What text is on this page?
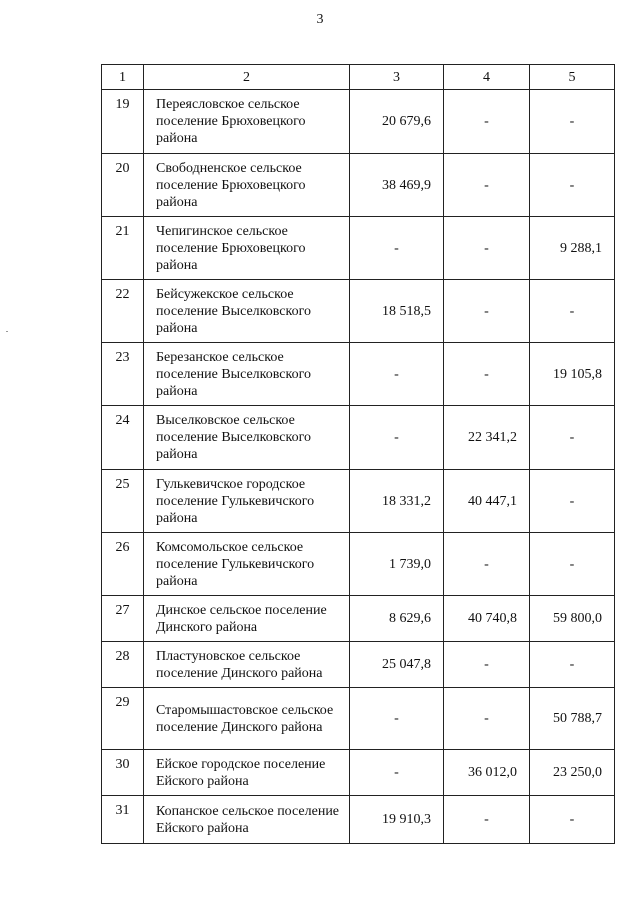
3
1	2	3	4	5
19	Переясловское сельское поселение Брюховецкого района	20 679,6	-	-
20	Свободненское сельское поселение Брюховецкого района	38 469,9	-	-
21	Чепигинское сельское поселение Брюховецкого района	-	-	9 288,1
22	Бейсужекское сельское поселение Выселковского района	18 518,5	-	-
23	Березанское сельское поселение Выселковского района	-	-	19 105,8
24	Выселковское сельское поселение Выселковского района	-	22 341,2	-
25	Гулькевичское городское поселение Гулькевичского района	18 331,2	40 447,1	-
26	Комсомольское сельское поселение Гулькевичского района	1 739,0	-	-
27	Динское сельское поселение Динского района	8 629,6	40 740,8	59 800,0
28	Пластуновское сельское поселение Динского района	25 047,8	-	-
29	Старомышастовское сельское поселение Динского района	-	-	50 788,7
30	Ейское городское поселение Ейского района	-	36 012,0	23 250,0
31	Копанское сельское поселение Ейского района	19 910,3	-	-
